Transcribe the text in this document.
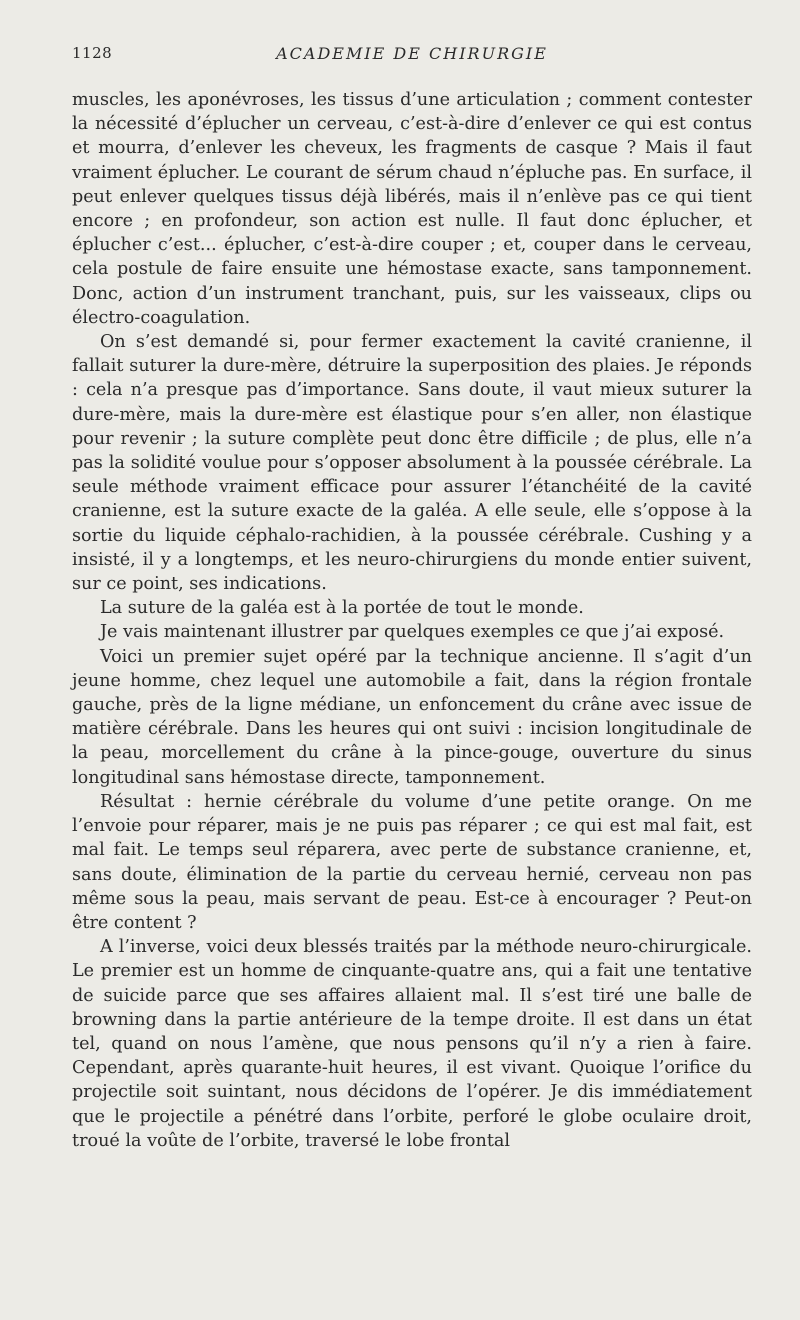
1128	ACADEMIE DE CHIRURGIE

muscles, les aponévroses, les tissus d’une articulation ; comment contester la nécessité d’éplucher un cerveau, c’est-à-dire d’enlever ce qui est contus et mourra, d’enlever les cheveux, les fragments de casque ? Mais il faut vraiment éplucher. Le courant de sérum chaud n’épluche pas. En surface, il peut enlever quelques tissus déjà libérés, mais il n’enlève pas ce qui tient encore ; en profondeur, son action est nulle. Il faut donc éplucher, et éplucher c’est... éplucher, c’est-à-dire couper ; et, couper dans le cerveau, cela postule de faire ensuite une hémostase exacte, sans tamponnement. Donc, action d’un instrument tranchant, puis, sur les vaisseaux, clips ou électro-coagulation.

On s’est demandé si, pour fermer exactement la cavité cranienne, il fallait suturer la dure-mère, détruire la superposition des plaies. Je réponds : cela n’a presque pas d’importance. Sans doute, il vaut mieux suturer la dure-mère, mais la dure-mère est élastique pour s’en aller, non élastique pour revenir ; la suture complète peut donc être difficile ; de plus, elle n’a pas la solidité voulue pour s’opposer absolument à la poussée cérébrale. La seule méthode vraiment efficace pour assurer l’étanchéité de la cavité cranienne, est la suture exacte de la galéa. A elle seule, elle s’oppose à la sortie du liquide céphalo-rachidien, à la poussée cérébrale. Cushing y a insisté, il y a longtemps, et les neuro-chirurgiens du monde entier suivent, sur ce point, ses indications.

La suture de la galéa est à la portée de tout le monde.

Je vais maintenant illustrer par quelques exemples ce que j’ai exposé.

Voici un premier sujet opéré par la technique ancienne. Il s’agit d’un jeune homme, chez lequel une automobile a fait, dans la région frontale gauche, près de la ligne médiane, un enfoncement du crâne avec issue de matière cérébrale. Dans les heures qui ont suivi : incision longitudinale de la peau, morcellement du crâne à la pince-gouge, ouverture du sinus longitudinal sans hémostase directe, tamponnement.

Résultat : hernie cérébrale du volume d’une petite orange. On me l’envoie pour réparer, mais je ne puis pas réparer ; ce qui est mal fait, est mal fait. Le temps seul réparera, avec perte de substance cranienne, et, sans doute, élimination de la partie du cerveau hernié, cerveau non pas même sous la peau, mais servant de peau. Est-ce à encourager ? Peut-on être content ?

A l’inverse, voici deux blessés traités par la méthode neuro-chirurgicale. Le premier est un homme de cinquante-quatre ans, qui a fait une tentative de suicide parce que ses affaires allaient mal. Il s’est tiré une balle de browning dans la partie antérieure de la tempe droite. Il est dans un état tel, quand on nous l’amène, que nous pensons qu’il n’y a rien à faire. Cependant, après quarante-huit heures, il est vivant. Quoique l’orifice du projectile soit suintant, nous décidons de l’opérer. Je dis immédiatement que le projectile a pénétré dans l’orbite, perforé le globe oculaire droit, troué la voûte de l’orbite, traversé le lobe frontal
